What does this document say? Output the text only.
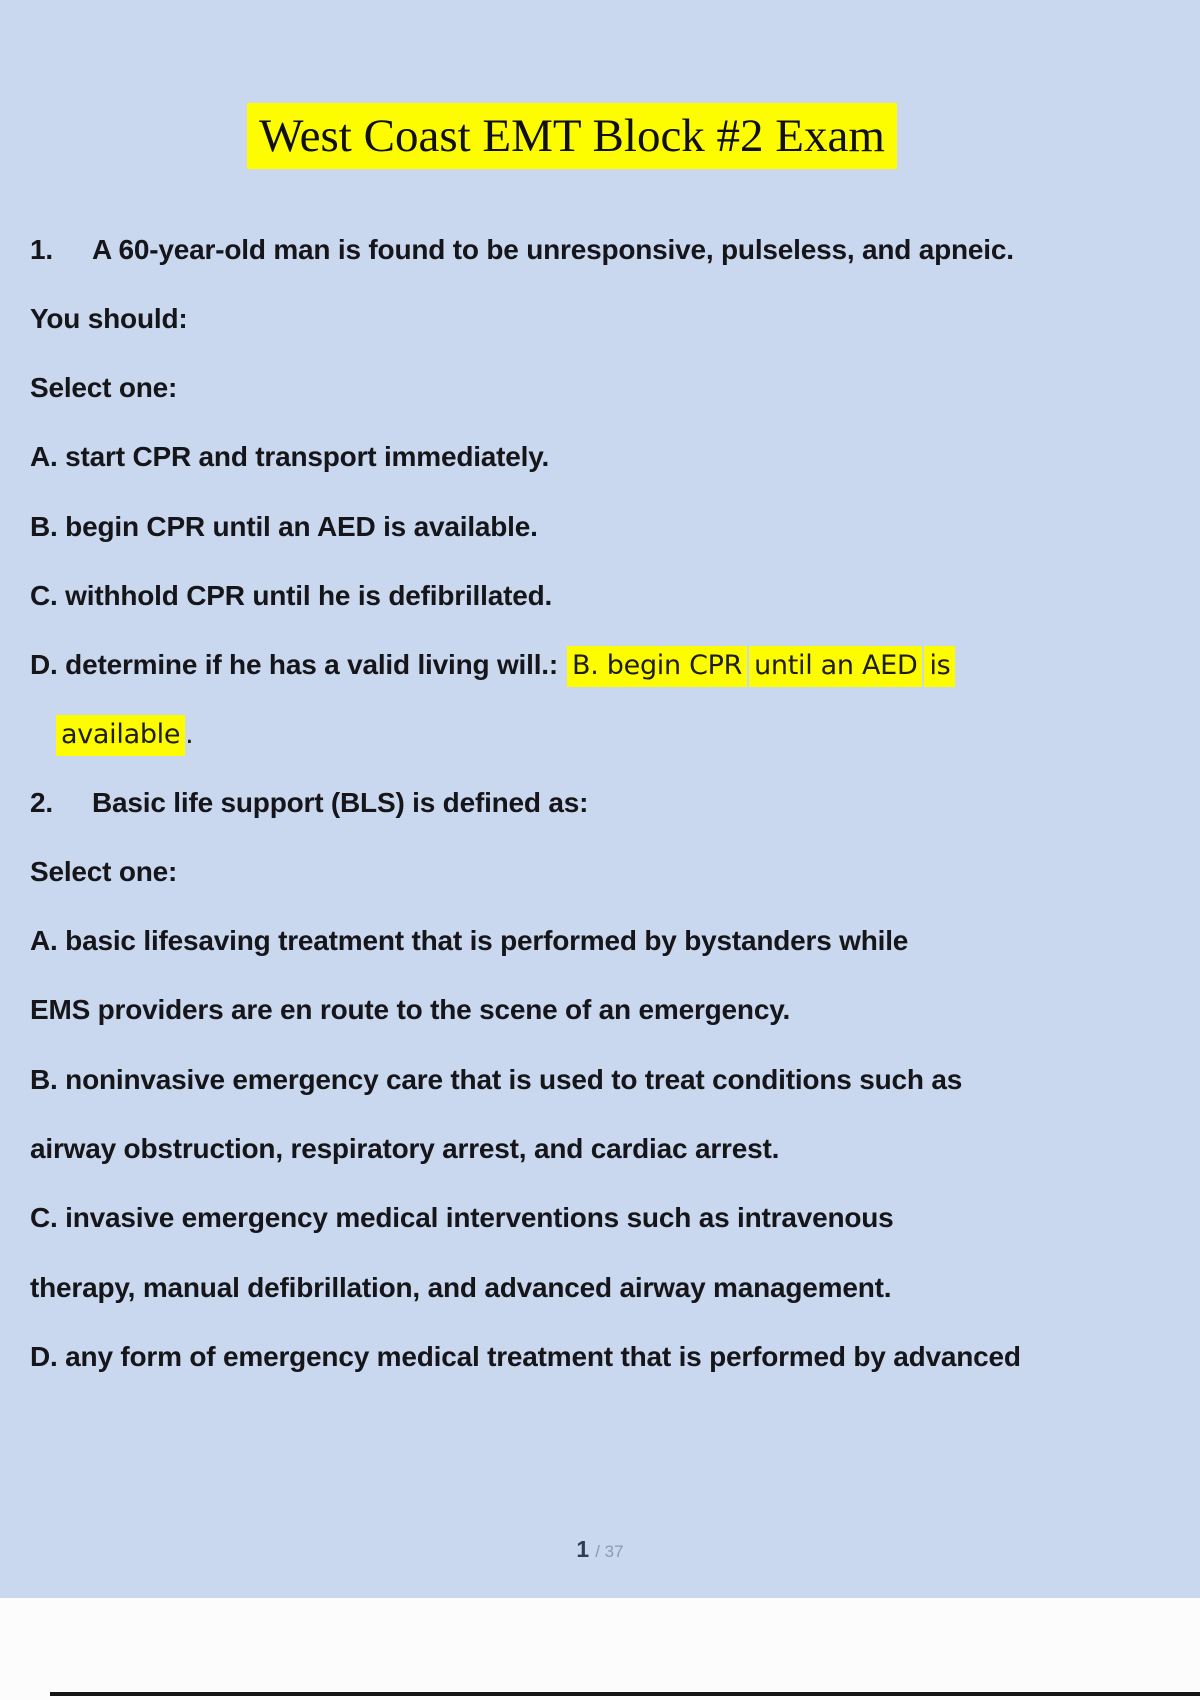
West Coast EMT Block #2 Exam
1. A 60-year-old man is found to be unresponsive, pulseless, and apneic.
You should:
Select one:
A. start CPR and transport immediately.
B. begin CPR until an AED is available.
C. withhold CPR until he is defibrillated.
D. determine if he has a valid living will.: B. begin CPR until an AED is
available .
2. Basic life support (BLS) is defined as:
Select one:
A. basic lifesaving treatment that is performed by bystanders while
EMS providers are en route to the scene of an emergency.
B. noninvasive emergency care that is used to treat conditions such as
airway obstruction, respiratory arrest, and cardiac arrest.
C. invasive emergency medical interventions such as intravenous
therapy, manual defibrillation, and advanced airway management.
D. any form of emergency medical treatment that is performed by advanced
1 / 37
